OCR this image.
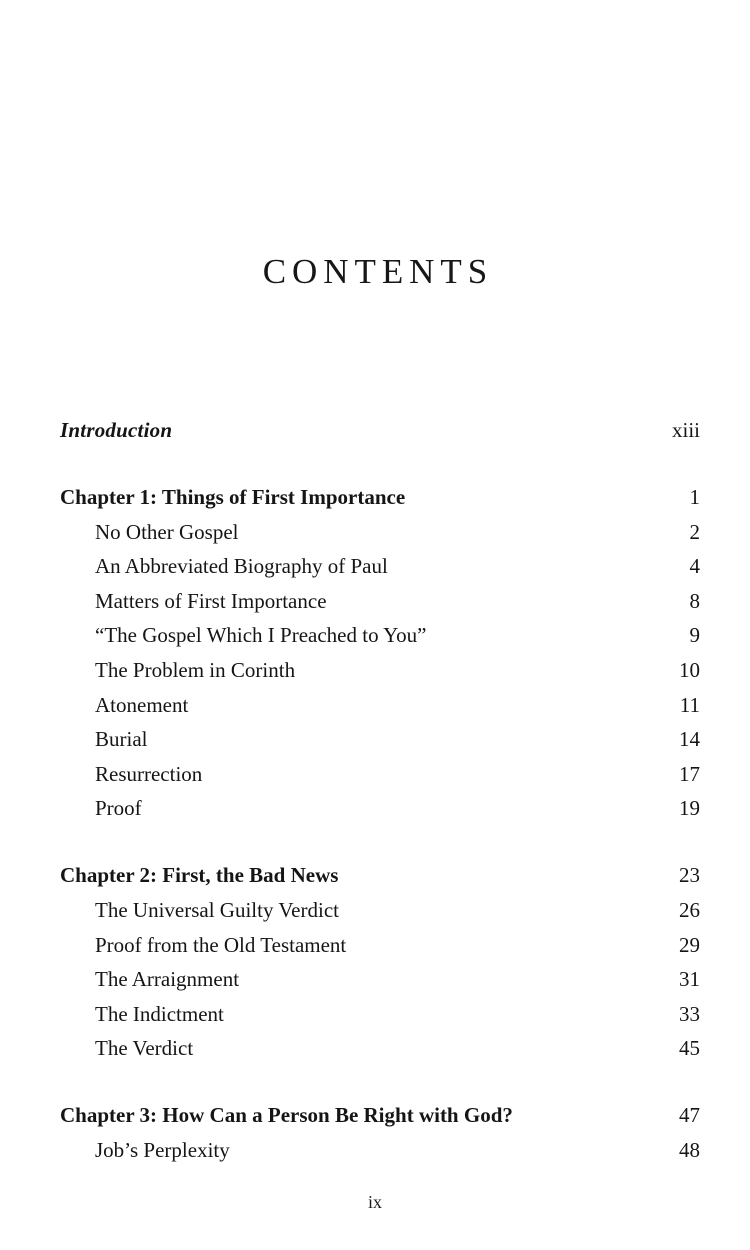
CONTENTS
Introduction	xiii
Chapter 1: Things of First Importance	1
No Other Gospel	2
An Abbreviated Biography of Paul	4
Matters of First Importance	8
“The Gospel Which I Preached to You”	9
The Problem in Corinth	10
Atonement	11
Burial	14
Resurrection	17
Proof	19
Chapter 2: First, the Bad News	23
The Universal Guilty Verdict	26
Proof from the Old Testament	29
The Arraignment	31
The Indictment	33
The Verdict	45
Chapter 3: How Can a Person Be Right with God?	47
Job’s Perplexity	48
ix
